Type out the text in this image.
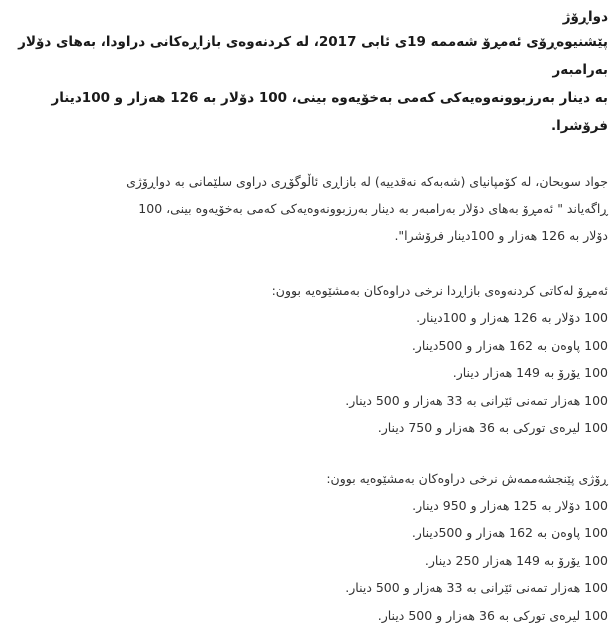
دواڕۆژ

پێشنیوەڕۆی ئەمڕۆ شەممە 19ی ئابی 2017، لە کردنەوەی بازاڕەکانی دراودا، بەهای دۆلار بەرامبەر
بە دینار بەرزبوونەوەیەکی کەمی بەخۆیەوە بینی، 100 دۆلار بە 126 هەزار و 100دینار فرۆشرا.

جواد سوبحان، لە کۆمپانیای (شەبەکە نەقدییە) لە بازاڕی ئاڵوگۆڕی دراوی سلێمانی بە دواڕۆژی
ڕاگەیاند " ئەمڕۆ بەهای دۆلار بەرامبەر بە دینار بەرزبوونەوەیەکی کەمی بەخۆیەوە بینی، 100
دۆلار بە 126 هەزار و 100دینار فرۆشرا".

ئەمڕۆ لەکاتی کردنەوەی بازاڕدا نرخی دراوەکان بەمشێوەیە بوون:

100 دۆلار بە 126 هەزار و 100دینار.
100 پاوەن بە 162 هەزار و 500دینار.
100 یۆرۆ بە 149 هەزار دینار.
100 هەزار تمەنی ئێرانی بە 33 هەزار و 500 دینار.
100 لیرەی تورکی بە 36 هەزار و 750 دینار.

ڕۆژی پێنجشەممەش نرخی دراوەکان بەمشێوەیە بوون:

100 دۆلار بە 125 هەزار و 950 دینار.
100 پاوەن بە 162 هەزار و 500دینار.
100 یۆرۆ بە 149 هەزار 250 دینار.
100 هەزار تمەنی ئێرانی بە 33 هەزار و 500 دینار.
100 لیرەی تورکی بە 36 هەزار و 500 دینار.
